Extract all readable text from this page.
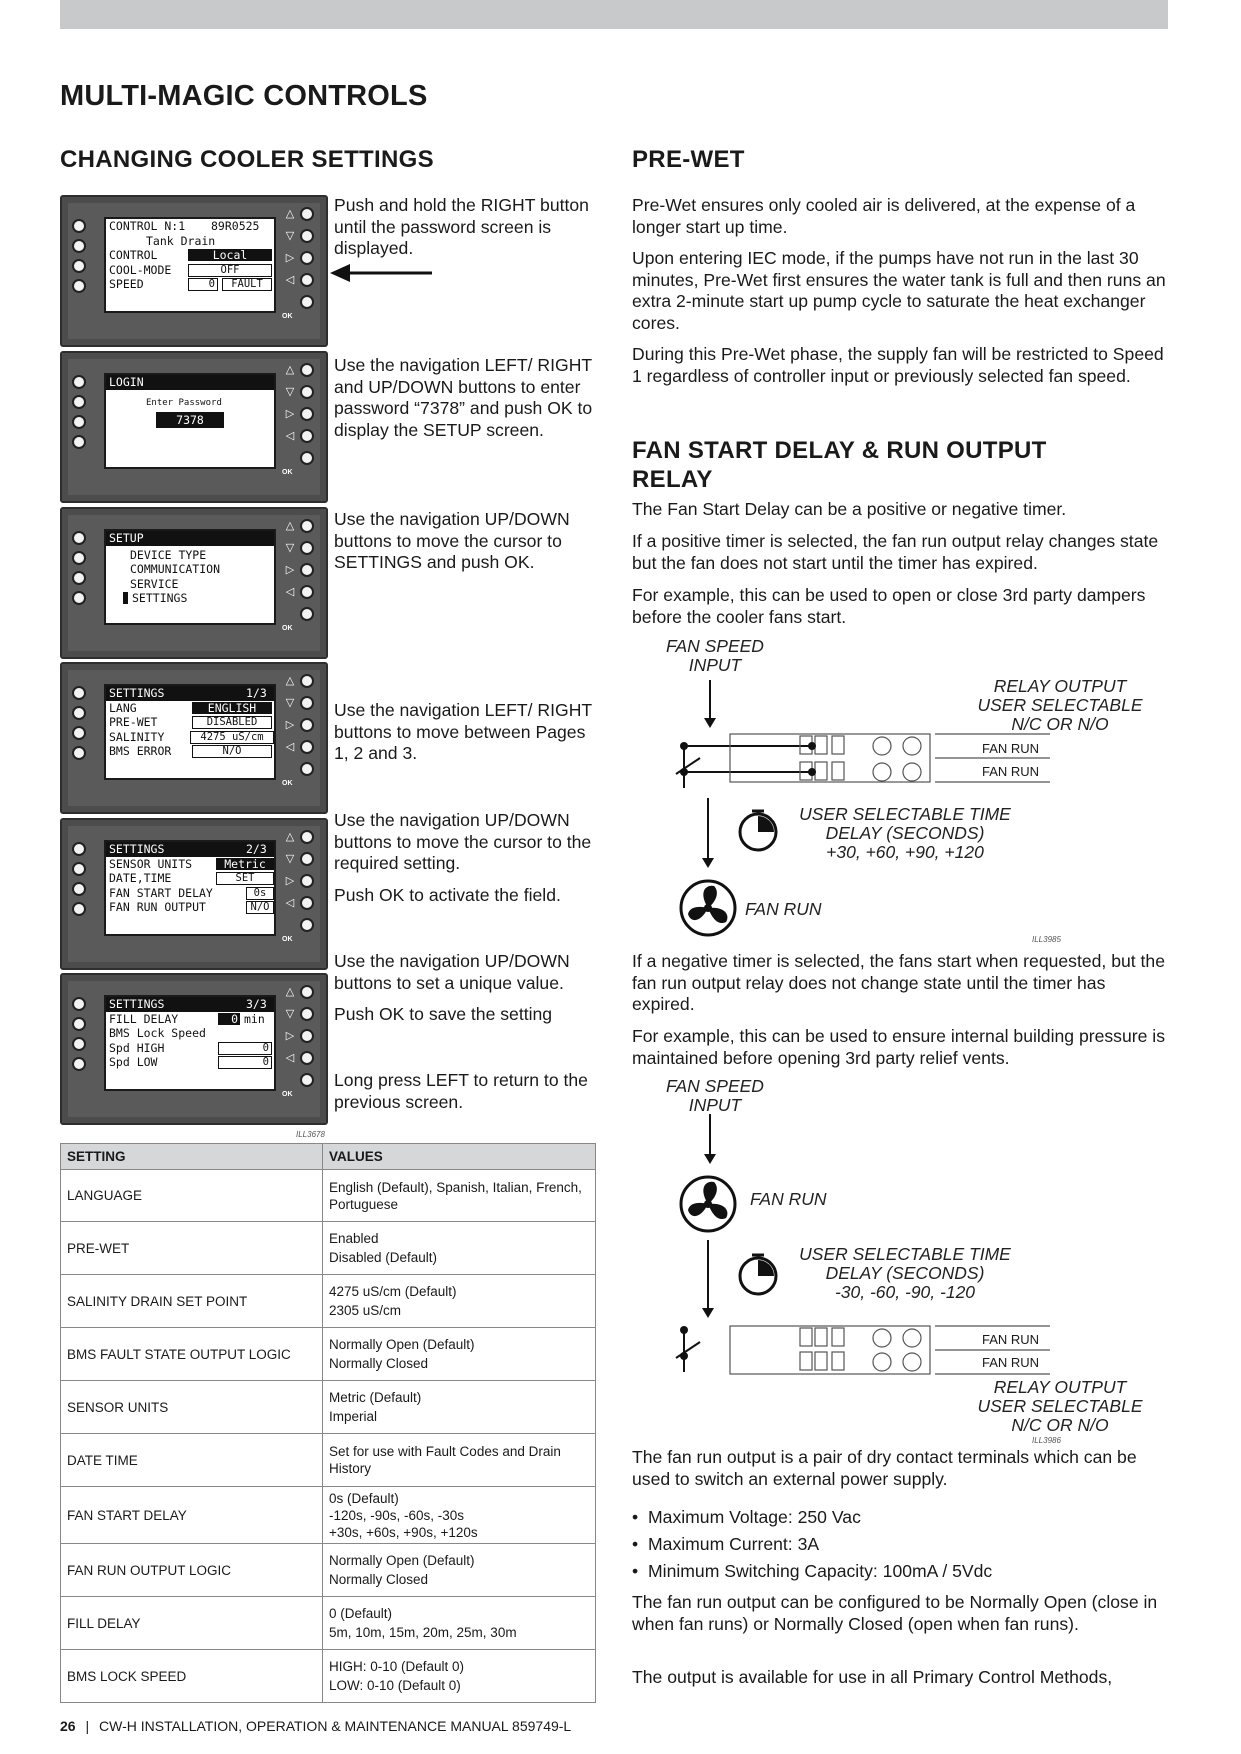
MULTI-MAGIC CONTROLS
CHANGING COOLER SETTINGS	PRE-WET
△
▽
▷
◁
OK
CONTROL N:1 89R0525
Tank Drain
CONTROL	Local
COOL-MODE	OFF
SPEED	0	FAULT
△
▽
▷
◁
OK
LOGIN
Enter Password
7378
△
▽
▷
◁
OK
SETUP
DEVICE TYPE
COMMUNICATION
SERVICE
SETTINGS
△
▽
▷
◁
OK
SETTINGS	1/3
LANG	ENGLISH
PRE-WET	DISABLED
SALINITY	4275 uS/cm
BMS ERROR	N/O
△
▽
▷
◁
OK
SETTINGS	2/3
SENSOR UNITS	Metric
DATE,TIME	SET
FAN START DELAY	0s
FAN RUN OUTPUT	N/O
△
▽
▷
◁
OK
SETTINGS	3/3
FILL DELAY	0 min
BMS Lock Speed
Spd HIGH	0
Spd LOW	0
Push and hold the RIGHT button until the password screen is displayed.
Use the navigation LEFT/ RIGHT and UP/DOWN buttons to enter password “7378” and push OK to display the SETUP screen.
Use the navigation UP/DOWN buttons to move the cursor to SETTINGS and push OK.
Use the navigation LEFT/ RIGHT buttons to move between Pages 1, 2 and 3.
Use the navigation UP/DOWN buttons to move the cursor to the required setting.
Push OK to activate the field.
Use the navigation UP/DOWN buttons to set a unique value.
Push OK to save the setting
Long press LEFT to return to the previous screen.
ILL3678
SETTING	VALUES
LANGUAGE	English (Default), Spanish, Italian, French, Portuguese

PRE-WET	Enabled
Disabled (Default)

SALINITY DRAIN SET POINT	4275 uS/cm (Default)
2305 uS/cm

BMS FAULT STATE OUTPUT LOGIC	Normally Open (Default)
Normally Closed

SENSOR UNITS	Metric (Default)
Imperial

DATE TIME	Set for use with Fault Codes and Drain History

FAN START DELAY	0s (Default)
-120s, -90s, -60s, -30s
+30s, +60s, +90s, +120s

FAN RUN OUTPUT LOGIC	Normally Open (Default)
Normally Closed

FILL DELAY	0 (Default)
5m, 10m, 15m, 20m, 25m, 30m

BMS LOCK SPEED	HIGH: 0-10 (Default 0)
LOW: 0-10 (Default 0)
Pre-Wet ensures only cooled air is delivered, at the expense of a longer start up time.
Upon entering IEC mode, if the pumps have not run in the last 30 minutes, Pre-Wet first ensures the water tank is full and then runs an extra 2-minute start up pump cycle to saturate the heat exchanger cores.
During this Pre-Wet phase, the supply fan will be restricted to Speed 1 regardless of controller input or previously selected fan speed.
FAN START DELAY & RUN OUTPUT RELAY
The Fan Start Delay can be a positive or negative timer.
If a positive timer is selected, the fan run output relay changes state but the fan does not start until the timer has expired.
For example, this can be used to open or close 3rd party dampers before the cooler fans start.
FAN SPEED
INPUT
RELAY OUTPUT
USER SELECTABLE
N/C OR N/O
FAN RUN
FAN RUN
USER SELECTABLE TIME
DELAY (SECONDS)
+30, +60, +90, +120
FAN RUN
ILL3985
If a negative timer is selected, the fans start when requested, but the fan run output relay does not change state until the timer has expired.
For example, this can be used to ensure internal building pressure is maintained before opening 3rd party relief vents.
FAN SPEED
INPUT
FAN RUN
USER SELECTABLE TIME
DELAY (SECONDS)
-30, -60, -90, -120
FAN RUN
FAN RUN
RELAY OUTPUT
USER SELECTABLE
N/C OR N/O
ILL3986
The fan run output is a pair of dry contact terminals which can be used to switch an external power supply.
• Maximum Voltage: 250 Vac
• Maximum Current: 3A
• Minimum Switching Capacity: 100mA / 5Vdc
The fan run output can be configured to be Normally Open (close in when fan runs) or Normally Closed (open when fan runs).
The output is available for use in all Primary Control Methods,
26 | CW-H INSTALLATION, OPERATION & MAINTENANCE MANUAL 859749-L
